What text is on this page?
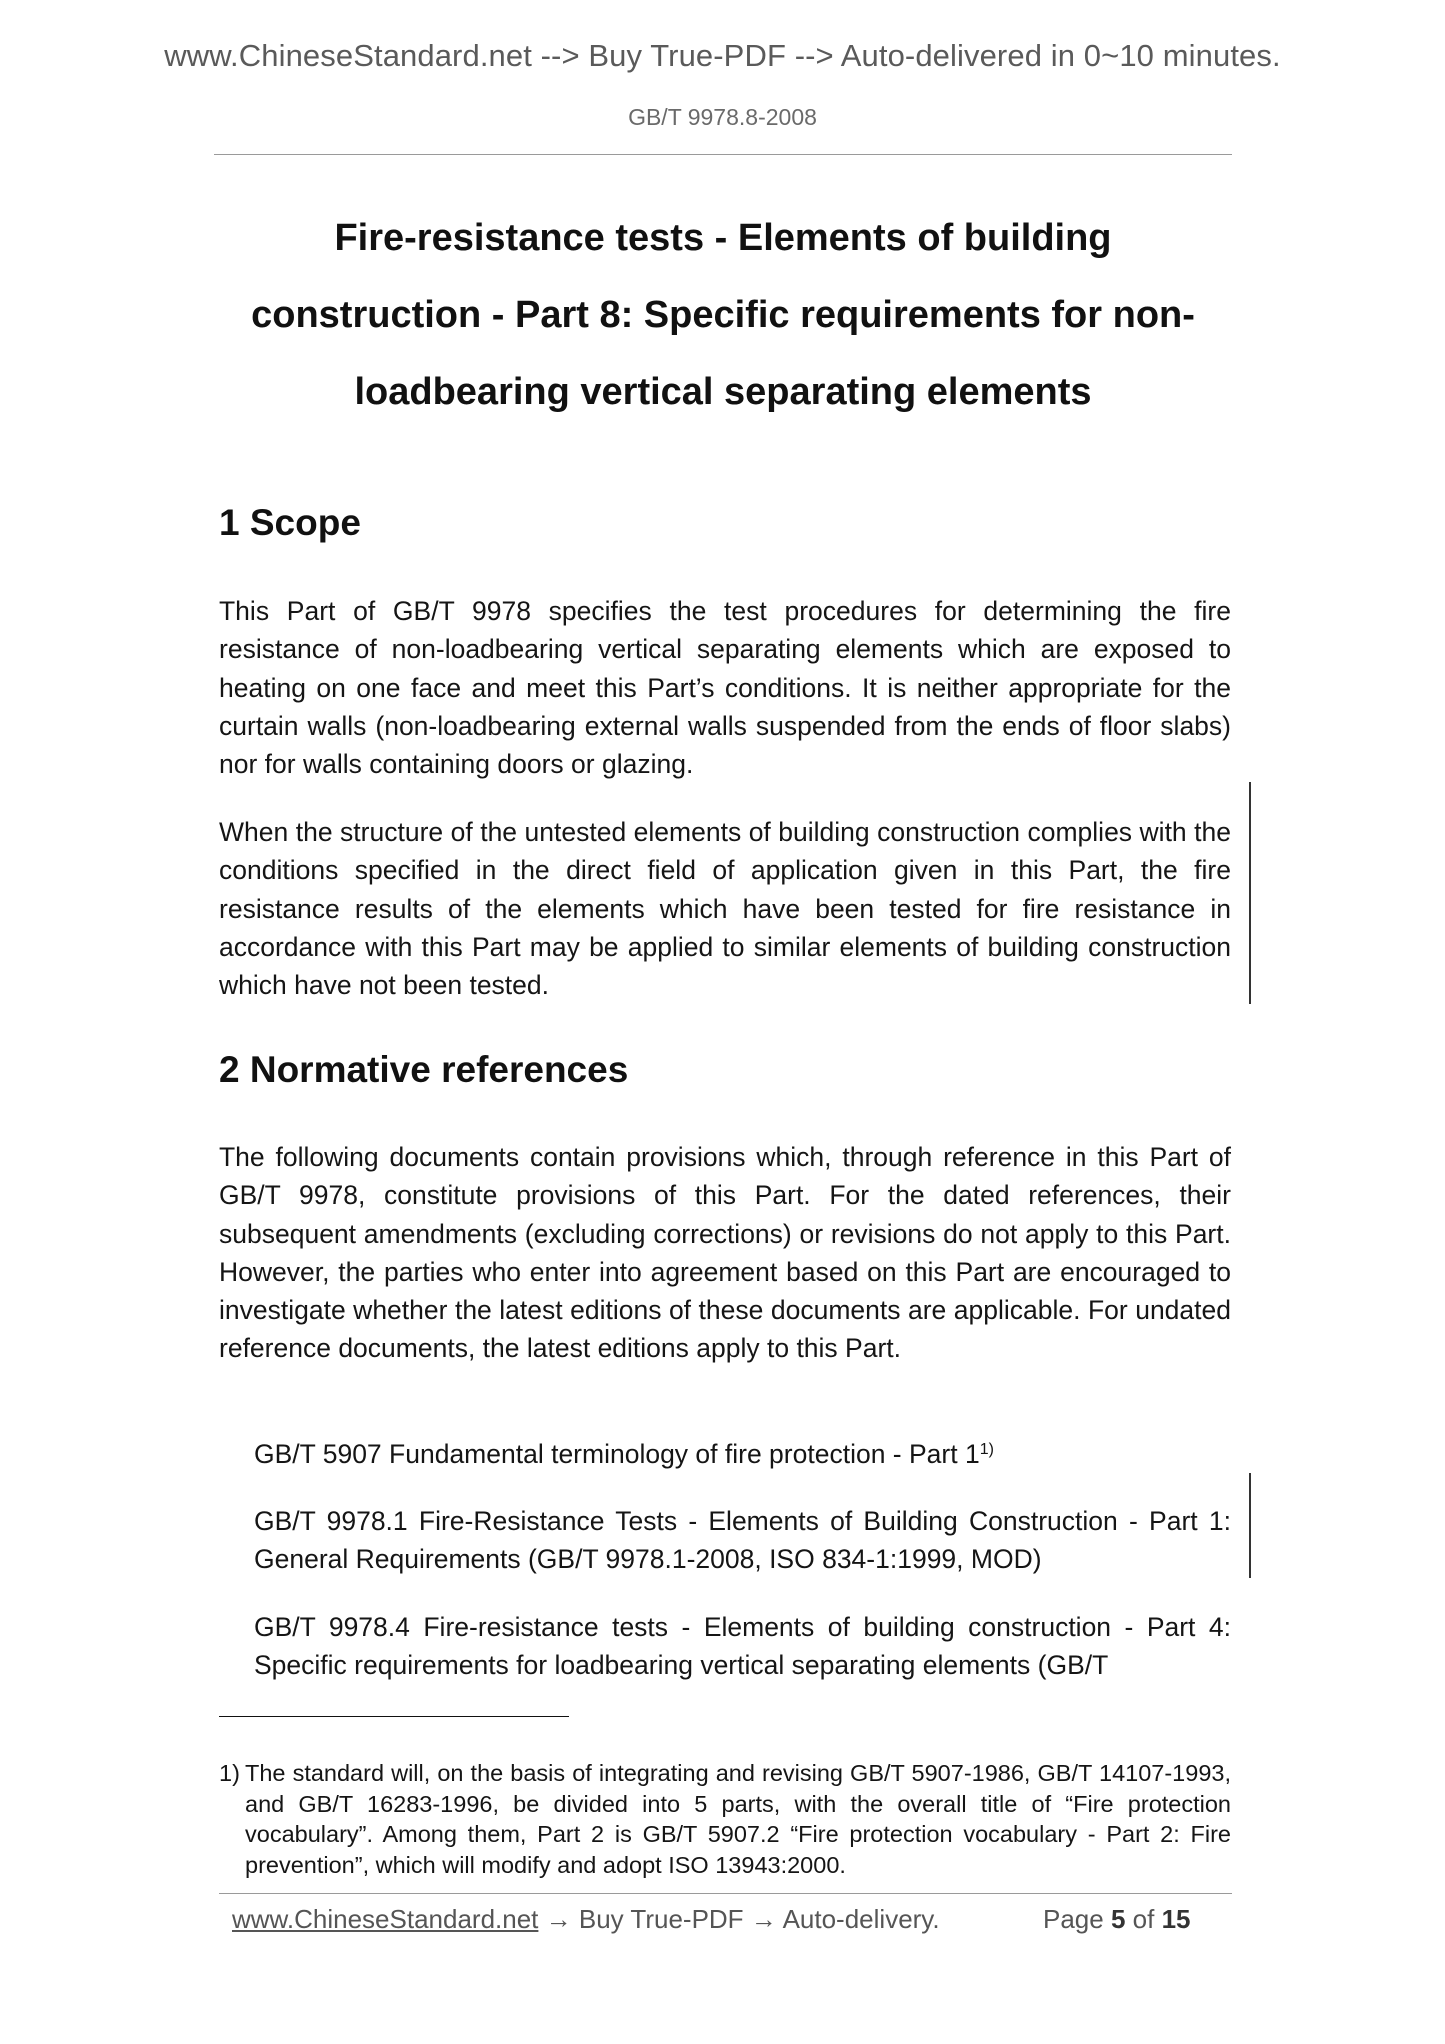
www.ChineseStandard.net --> Buy True-PDF --> Auto-delivered in 0~10 minutes.
GB/T 9978.8-2008
Fire-resistance tests - Elements of building
construction - Part 8: Specific requirements for non-
loadbearing vertical separating elements
1 Scope
This Part of GB/T 9978 specifies the test procedures for determining the fire resistance of non-loadbearing vertical separating elements which are exposed to heating on one face and meet this Part’s conditions. It is neither appropriate for the curtain walls (non-loadbearing external walls suspended from the ends of floor slabs) nor for walls containing doors or glazing.
When the structure of the untested elements of building construction complies with the conditions specified in the direct field of application given in this Part, the fire resistance results of the elements which have been tested for fire resistance in accordance with this Part may be applied to similar elements of building construction which have not been tested.
2 Normative references
The following documents contain provisions which, through reference in this Part of GB/T 9978, constitute provisions of this Part. For the dated references, their subsequent amendments (excluding corrections) or revisions do not apply to this Part. However, the parties who enter into agreement based on this Part are encouraged to investigate whether the latest editions of these documents are applicable. For undated reference documents, the latest editions apply to this Part.
GB/T 5907 Fundamental terminology of fire protection - Part 1$^{1)}$
GB/T 9978.1 Fire-Resistance Tests - Elements of Building Construction - Part 1: General Requirements (GB/T 9978.1-2008, ISO 834-1:1999, MOD)
GB/T 9978.4 Fire-resistance tests - Elements of building construction - Part 4: Specific requirements for loadbearing vertical separating elements (GB/T
1) The standard will, on the basis of integrating and revising GB/T 5907-1986, GB/T 14107-1993, and GB/T 16283-1996, be divided into 5 parts, with the overall title of “Fire protection vocabulary”. Among them, Part 2 is GB/T 5907.2 “Fire protection vocabulary - Part 2: Fire prevention”, which will modify and adopt ISO 13943:2000.
www.ChineseStandard.net → Buy True-PDF → Auto-delivery.	Page 5 of 15
